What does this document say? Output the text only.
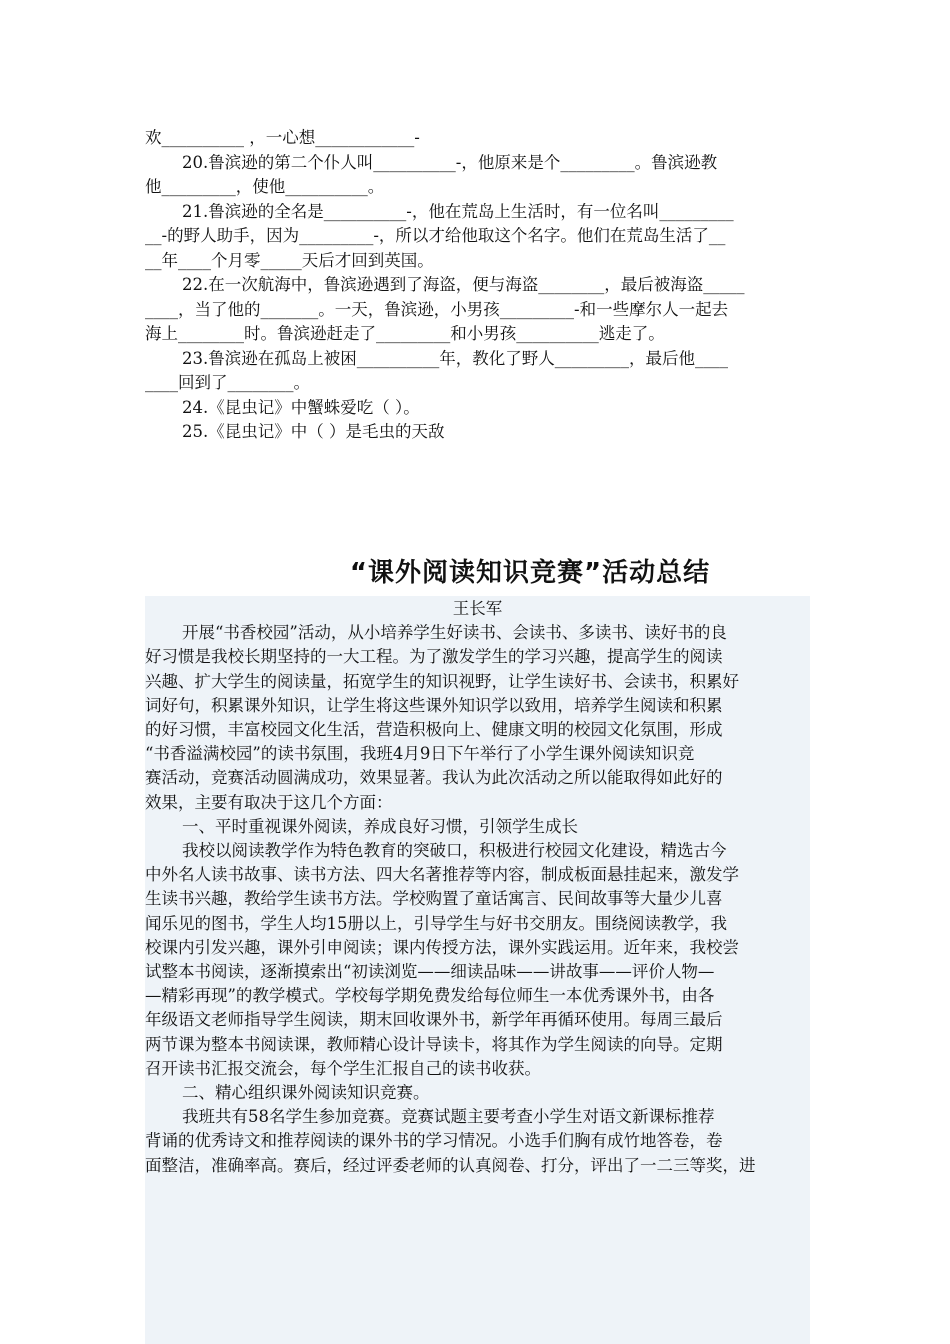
欢__________ ，一心想____________-
20.鲁滨逊的第二个仆人叫__________-，他原来是个_________。鲁滨逊教
他_________，使他__________。
21.鲁滨逊的全名是__________-，他在荒岛上生活时，有一位名叫_________
__-的野人助手，因为_________-，所以才给他取这个名字。他们在荒岛生活了__
__年____个月零_____天后才回到英国。
22.在一次航海中，鲁滨逊遇到了海盗，便与海盗________，最后被海盗_____
____，当了他的_______。一天，鲁滨逊，小男孩_________-和一些摩尔人一起去
海上________时。鲁滨逊赶走了_________和小男孩__________逃走了。
23.鲁滨逊在孤岛上被困__________年，教化了野人_________，最后他____
____回到了________。
24.《昆虫记》中蟹蛛爱吃（ ）。
25.《昆虫记》中（ ）是毛虫的天敌
“课外阅读知识竞赛”活动总结
王长军
开展“书香校园”活动，从小培养学生好读书、会读书、多读书、读好书的良
好习惯是我校长期坚持的一大工程。为了激发学生的学习兴趣，提高学生的阅读
兴趣、扩大学生的阅读量，拓宽学生的知识视野，让学生读好书、会读书，积累好
词好句，积累课外知识，让学生将这些课外知识学以致用，培养学生阅读和积累
的好习惯，丰富校园文化生活，营造积极向上、健康文明的校园文化氛围，形成
“书香溢满校园”的读书氛围，我班4月9日下午举行了小学生课外阅读知识竞
赛活动，竞赛活动圆满成功，效果显著。我认为此次活动之所以能取得如此好的
效果，主要有取决于这几个方面：
一、平时重视课外阅读，养成良好习惯，引领学生成长
我校以阅读教学作为特色教育的突破口，积极进行校园文化建设，精选古今
中外名人读书故事、读书方法、四大名著推荐等内容，制成板面悬挂起来，激发学
生读书兴趣，教给学生读书方法。学校购置了童话寓言、民间故事等大量少儿喜
闻乐见的图书，学生人均15册以上，引导学生与好书交朋友。围绕阅读教学，我
校课内引发兴趣，课外引申阅读；课内传授方法，课外实践运用。近年来，我校尝
试整本书阅读，逐渐摸索出“初读浏览——细读品味——讲故事——评价人物—
—精彩再现”的教学模式。学校每学期免费发给每位师生一本优秀课外书，由各
年级语文老师指导学生阅读，期末回收课外书，新学年再循环使用。每周三最后
两节课为整本书阅读课，教师精心设计导读卡，将其作为学生阅读的向导。定期
召开读书汇报交流会，每个学生汇报自己的读书收获。
二、精心组织课外阅读知识竞赛。
我班共有58名学生参加竞赛。竞赛试题主要考查小学生对语文新课标推荐
背诵的优秀诗文和推荐阅读的课外书的学习情况。小选手们胸有成竹地答卷，卷
面整洁，准确率高。赛后，经过评委老师的认真阅卷、打分，评出了一二三等奖，进
